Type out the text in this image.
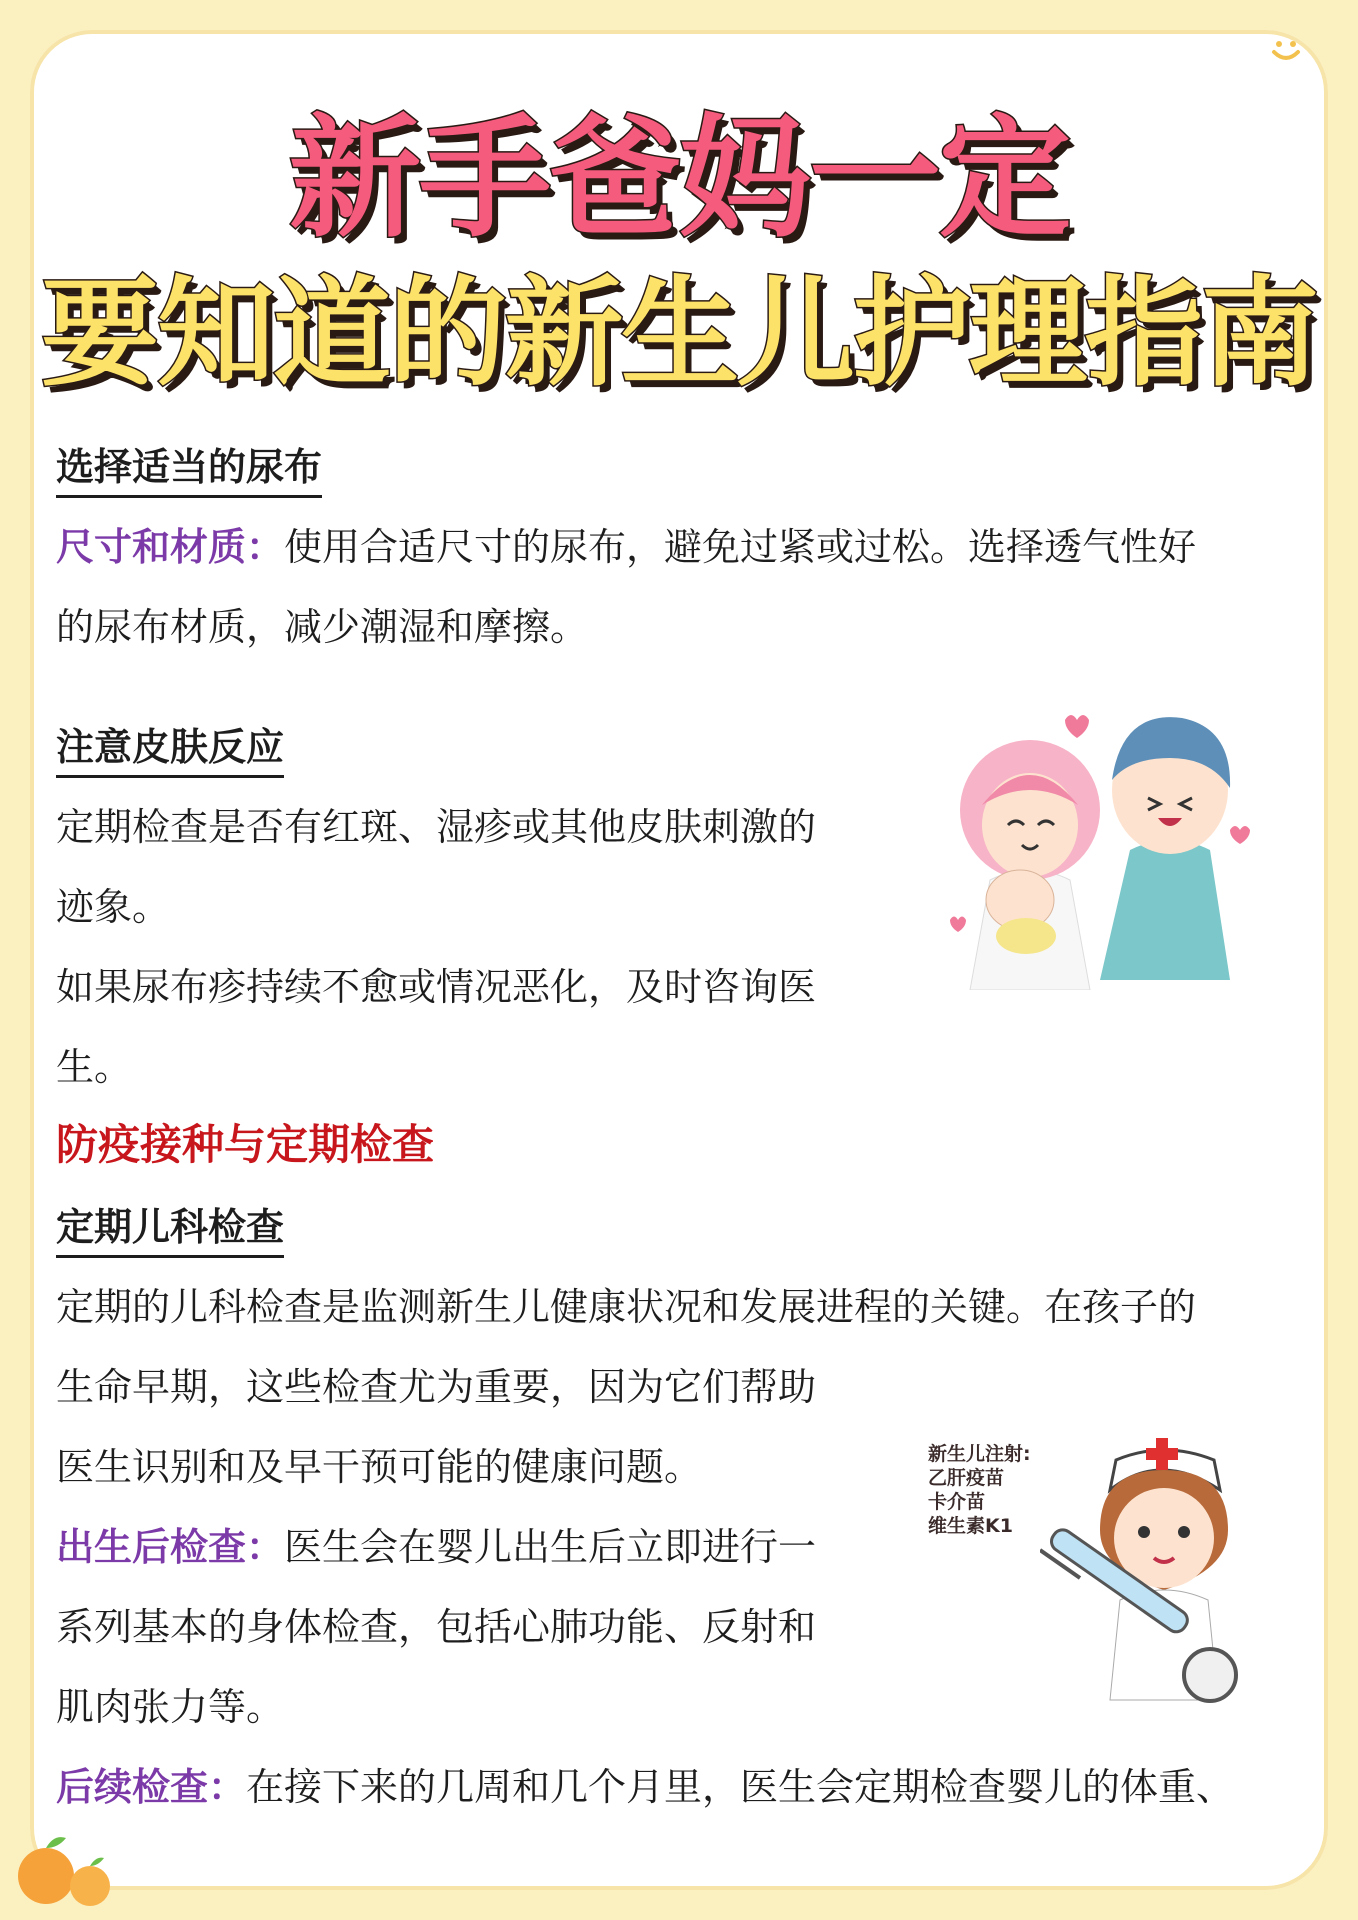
新手爸妈一定
要知道的新生儿护理指南
选择适当的尿布
尺寸和材质：使用合适尺寸的尿布，避免过紧或过松。选择透气性好
的尿布材质，减少潮湿和摩擦。
注意皮肤反应
定期检查是否有红斑、湿疹或其他皮肤刺激的
迹象。
如果尿布疹持续不愈或情况恶化，及时咨询医
生。
防疫接种与定期检查
定期儿科检查
定期的儿科检查是监测新生儿健康状况和发展进程的关键。在孩子的
生命早期，这些检查尤为重要，因为它们帮助
医生识别和及早干预可能的健康问题。
出生后检查：医生会在婴儿出生后立即进行一
系列基本的身体检查，包括心肺功能、反射和
肌肉张力等。
后续检查：在接下来的几周和几个月里，医生会定期检查婴儿的体重、
新生儿注射:
乙肝疫苗
卡介苗
维生素K1
